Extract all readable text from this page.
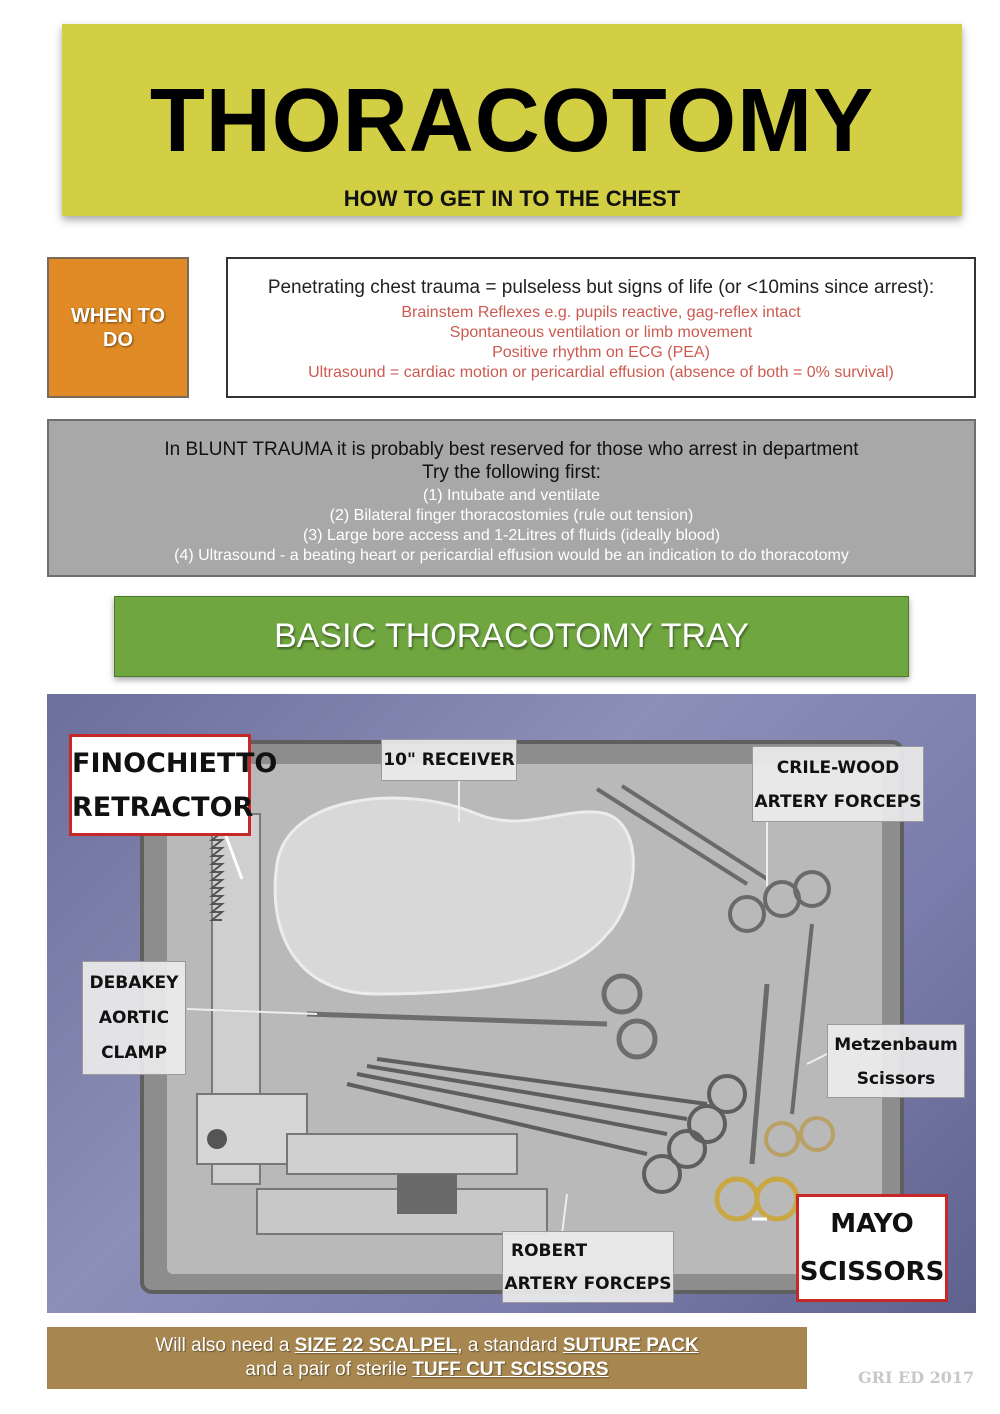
THORACOTOMY
HOW TO GET IN TO THE CHEST
WHEN TO DO
Penetrating chest trauma = pulseless but signs of life (or <10mins since arrest):
Brainstem Reflexes e.g. pupils reactive, gag-reflex intact
Spontaneous ventilation or limb movement
Positive rhythm on ECG (PEA)
Ultrasound = cardiac motion or pericardial effusion (absence of both = 0% survival)
In BLUNT TRAUMA it is probably best reserved for those who arrest in department
Try the following first:
(1) Intubate and ventilate
(2) Bilateral finger thoracostomies (rule out tension)
(3) Large bore access and 1-2Litres of fluids (ideally blood)
(4) Ultrasound - a beating heart or pericardial effusion would be an indication to do thoracotomy
BASIC THORACOTOMY TRAY
FINOCHIETTO
RETRACTOR
10" RECEIVER	CRILE-WOOD
ARTERY FORCEPS
DEBAKEY
AORTIC
CLAMP	Metzenbaum
Scissors
ROBERT
ARTERY FORCEPS
MAYO
SCISSORS
Will also need a SIZE 22 SCALPEL, a standard SUTURE PACK
and a pair of sterile TUFF CUT SCISSORS	GRI ED 2017
